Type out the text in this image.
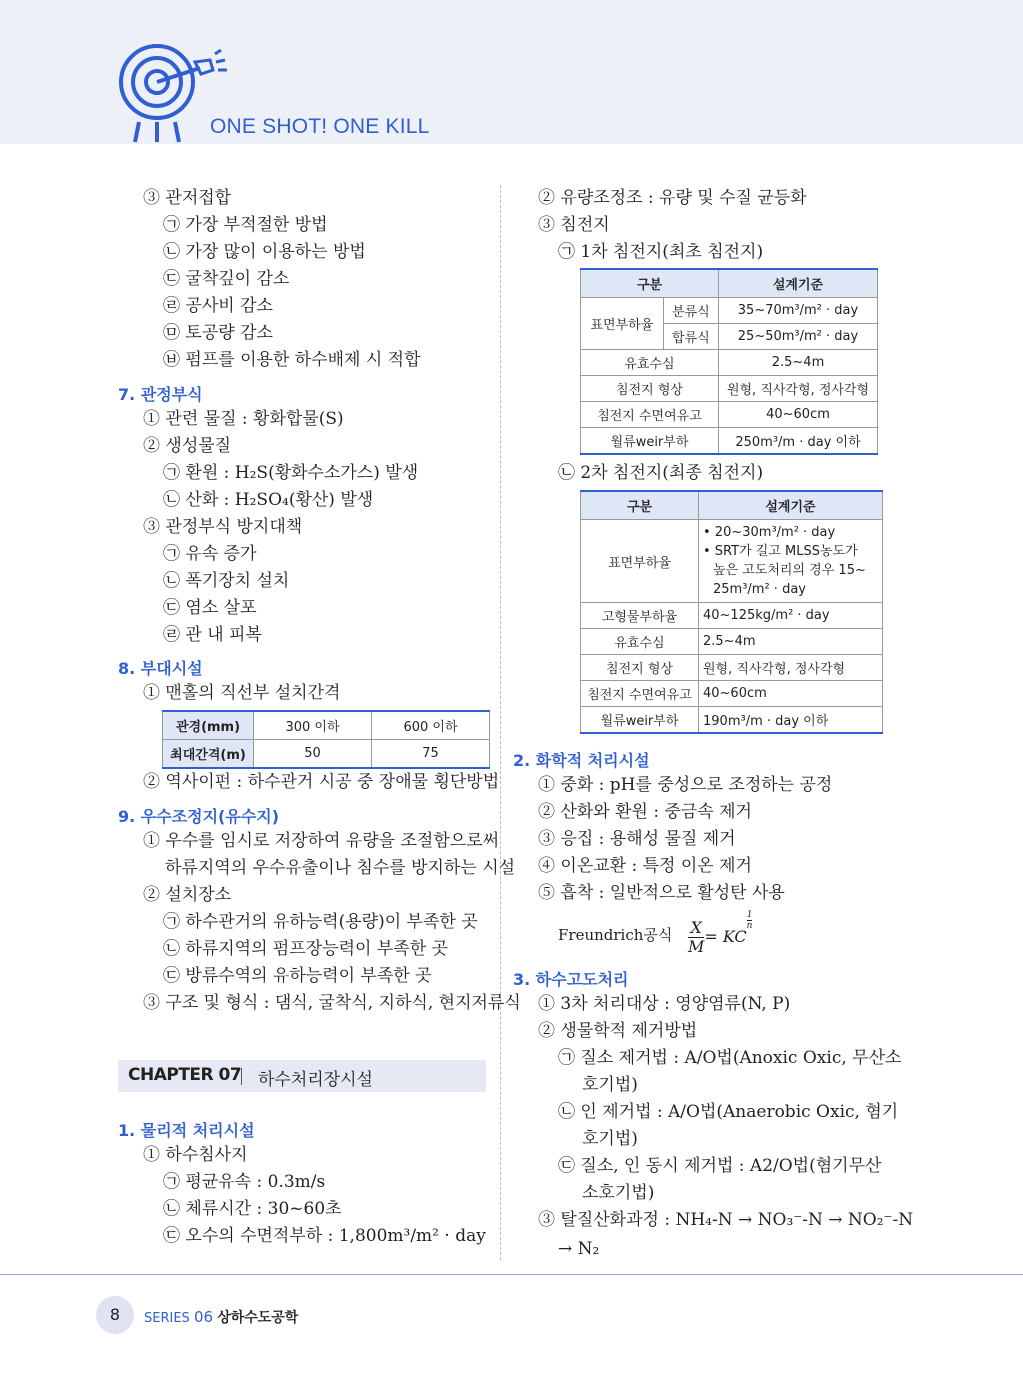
ONE SHOT! ONE KILL
③ 관저접합
㉠ 가장 부적절한 방법
㉡ 가장 많이 이용하는 방법
㉢ 굴착깊이 감소
㉣ 공사비 감소
㉤ 토공량 감소
㉥ 펌프를 이용한 하수배제 시 적합
7. 관정부식
① 관련 물질 : 황화합물(S)
② 생성물질
㉠ 환원 : H₂S(황화수소가스) 발생
㉡ 산화 : H₂SO₄(황산) 발생
③ 관정부식 방지대책
㉠ 유속 증가
㉡ 폭기장치 설치
㉢ 염소 살포
㉣ 관 내 피복
8. 부대시설
① 맨홀의 직선부 설치간격
관경(mm)	300 이하	600 이하
최대간격(m)	50	75
② 역사이펀 : 하수관거 시공 중 장애물 횡단방법
9. 우수조정지(유수지)
① 우수를 임시로 저장하여 유량을 조절함으로써
하류지역의 우수유출이나 침수를 방지하는 시설
② 설치장소
㉠ 하수관거의 유하능력(용량)이 부족한 곳
㉡ 하류지역의 펌프장능력이 부족한 곳
㉢ 방류수역의 유하능력이 부족한 곳
③ 구조 및 형식 : 댐식, 굴착식, 지하식, 현지저류식
CHAPTER 07 하수처리장시설
1. 물리적 처리시설
① 하수침사지
㉠ 평균유속 : 0.3m/s
㉡ 체류시간 : 30~60초
㉢ 오수의 수면적부하 : 1,800m³/m² · day
② 유량조정조 : 유량 및 수질 균등화
③ 침전지
㉠ 1차 침전지(최초 침전지)
구분		설계기준
표면부하율	분류식	35~70m³/m² · day
	합류식	25~50m³/m² · day
유효수심		2.5~4m
침전지 형상		원형, 직사각형, 정사각형
침전지 수면여유고		40~60cm
월류weir부하		250m³/m · day 이하
㉡ 2차 침전지(최종 침전지)
구분	설계기준
표면부하율	• 20~30m³/m² · day
• SRT가 길고 MLSS농도가
높은 고도처리의 경우 15~
25m³/m² · day

고형물부하율	40~125kg/m² · day
유효수심	2.5~4m
침전지 형상	원형, 직사각형, 정사각형
침전지 수면여유고	40~60cm
월류weir부하	190m³/m · day 이하
2. 화학적 처리시설
① 중화 : pH를 중성으로 조정하는 공정
② 산화와 환원 : 중금속 제거
③ 응집 : 용해성 물질 제거
④ 이온교환 : 특정 이온 제거
⑤ 흡착 : 일반적으로 활성탄 사용
Freundrich공식 $\frac{X}{M}$ = KC
$^{\frac{1}{n}}$
3. 하수고도처리
① 3차 처리대상 : 영양염류(N, P)
② 생물학적 제거방법
㉠ 질소 제거법 : A/O법(Anoxic Oxic, 무산소
호기법)
㉡ 인 제거법 : A/O법(Anaerobic Oxic, 혐기
호기법)
㉢ 질소, 인 동시 제거법 : A2/O법(혐기무산
소호기법)
③ 탈질산화과정 : NH₄-N → NO₃⁻-N → NO₂⁻-N
→ N₂
8	SERIES 06 상하수도공학
